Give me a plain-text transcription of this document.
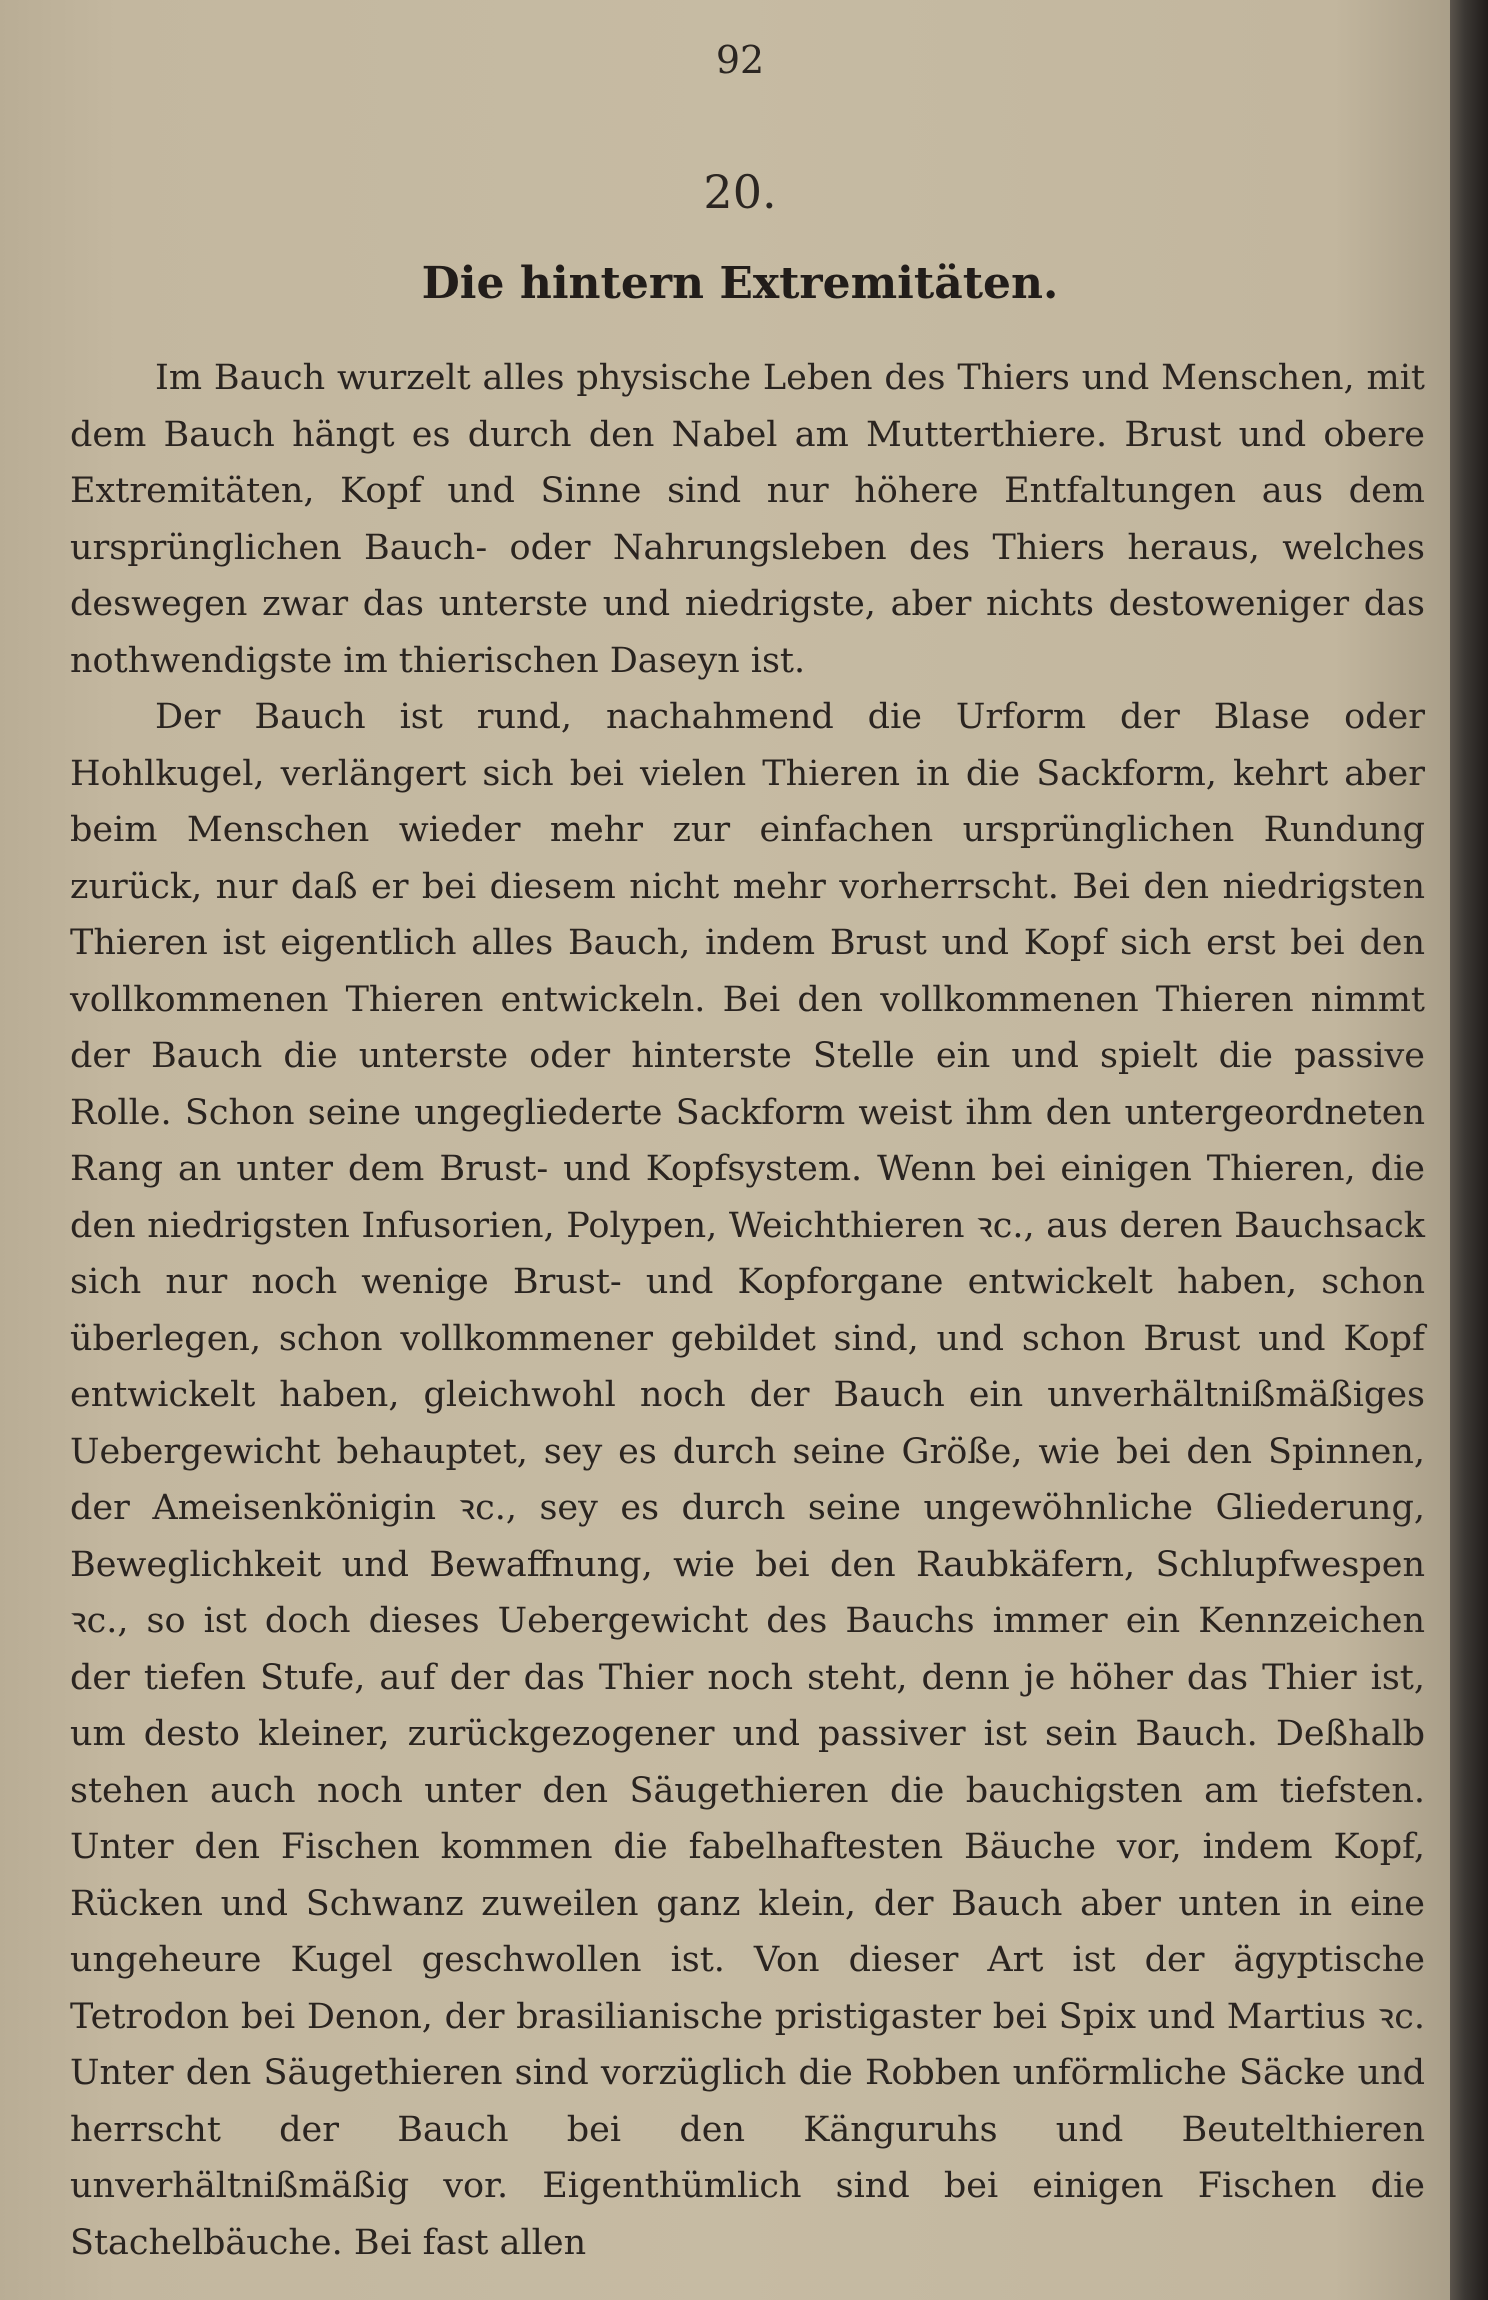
92
20.
Die hintern Extremitäten.

Im Bauch wurzelt alles physische Leben des Thiers und Menschen, mit dem Bauch hängt es durch den Nabel am Mutterthiere. Brust und obere Extremitäten, Kopf und Sinne sind nur höhere Entfaltungen aus dem ursprünglichen Bauch- oder Nahrungsleben des Thiers heraus, welches deswegen zwar das unterste und niedrigste, aber nichts destoweniger das nothwendigste im thierischen Daseyn ist.

Der Bauch ist rund, nachahmend die Urform der Blase oder Hohlkugel, verlängert sich bei vielen Thieren in die Sackform, kehrt aber beim Menschen wieder mehr zur einfachen ursprünglichen Rundung zurück, nur daß er bei diesem nicht mehr vorherrscht. Bei den niedrigsten Thieren ist eigentlich alles Bauch, indem Brust und Kopf sich erst bei den vollkommenen Thieren entwickeln. Bei den vollkommenen Thieren nimmt der Bauch die unterste oder hinterste Stelle ein und spielt die passive Rolle. Schon seine ungegliederte Sackform weist ihm den untergeordneten Rang an unter dem Brust- und Kopfsystem. Wenn bei einigen Thieren, die den niedrigsten Infusorien, Polypen, Weichthieren ꝛc., aus deren Bauchsack sich nur noch wenige Brust- und Kopforgane entwickelt haben, schon überlegen, schon vollkommener gebildet sind, und schon Brust und Kopf entwickelt haben, gleichwohl noch der Bauch ein unverhältnißmäßiges Uebergewicht behauptet, sey es durch seine Größe, wie bei den Spinnen, der Ameisenkönigin ꝛc., sey es durch seine ungewöhnliche Gliederung, Beweglichkeit und Bewaffnung, wie bei den Raubkäfern, Schlupfwespen ꝛc., so ist doch dieses Uebergewicht des Bauchs immer ein Kennzeichen der tiefen Stufe, auf der das Thier noch steht, denn je höher das Thier ist, um desto kleiner, zurückgezogener und passiver ist sein Bauch. Deßhalb stehen auch noch unter den Säugethieren die bauchigsten am tiefsten. Unter den Fischen kommen die fabelhaftesten Bäuche vor, indem Kopf, Rücken und Schwanz zuweilen ganz klein, der Bauch aber unten in eine ungeheure Kugel geschwollen ist. Von dieser Art ist der ägyptische Tetrodon bei Denon, der brasilianische pristigaster bei Spix und Martius ꝛc. Unter den Säugethieren sind vorzüglich die Robben unförmliche Säcke und herrscht der Bauch bei den Känguruhs und Beutelthieren unverhältnißmäßig vor. Eigenthümlich sind bei einigen Fischen die Stachelbäuche. Bei fast allen
